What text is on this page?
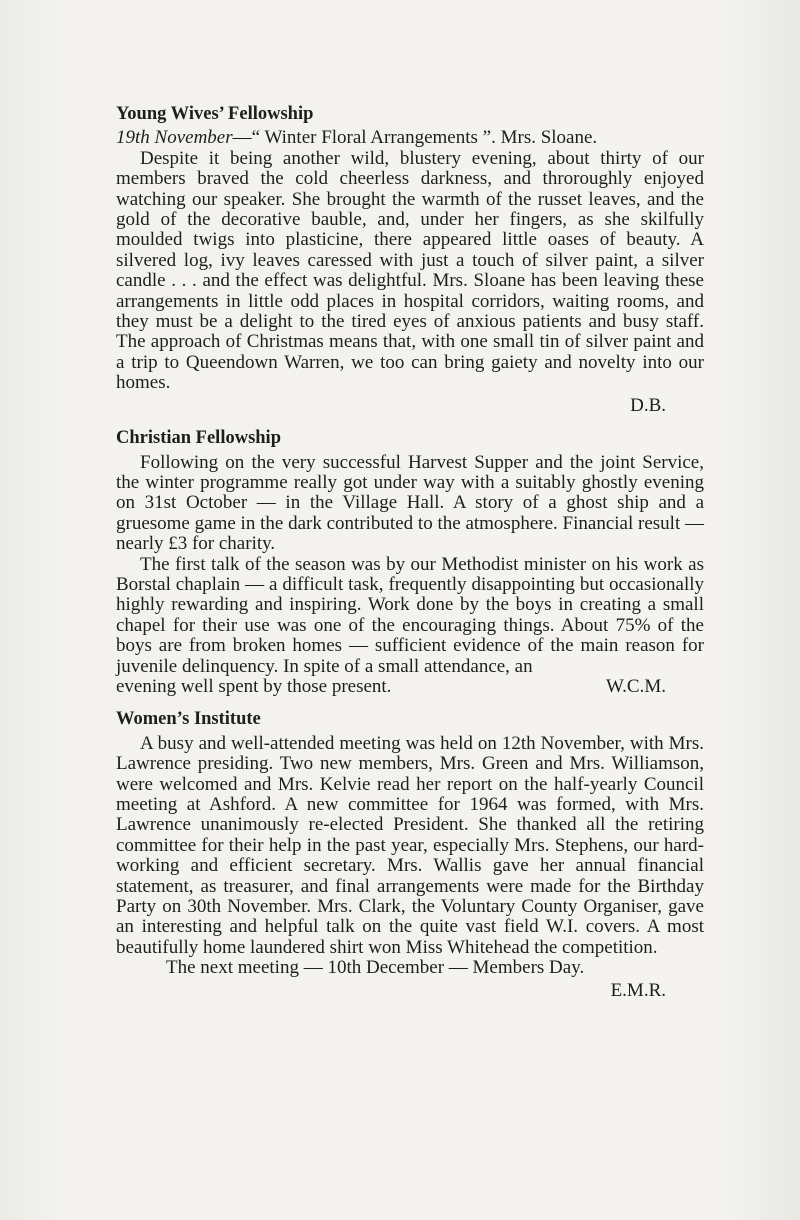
Young Wives’ Fellowship

19th November—“ Winter Floral Arrangements ”. Mrs. Sloane.

Despite it being another wild, blustery evening, about thirty of our members braved the cold cheerless darkness, and throroughly enjoyed watching our speaker. She brought the warmth of the russet leaves, and the gold of the decorative bauble, and, under her fingers, as she skilfully moulded twigs into plasticine, there appeared little oases of beauty. A silvered log, ivy leaves caressed with just a touch of silver paint, a silver candle . . . and the effect was delightful. Mrs. Sloane has been leaving these arrangements in little odd places in hospital corridors, waiting rooms, and they must be a delight to the tired eyes of anxious patients and busy staff. The approach of Christmas means that, with one small tin of silver paint and a trip to Queendown Warren, we too can bring gaiety and novelty into our homes.

D.B.

Christian Fellowship

Following on the very successful Harvest Supper and the joint Service, the winter programme really got under way with a suitably ghostly evening on 31st October — in the Village Hall. A story of a ghost ship and a gruesome game in the dark contributed to the atmosphere. Financial result — nearly £3 for charity.

The first talk of the season was by our Methodist minister on his work as Borstal chaplain — a difficult task, frequently disappointing but occasionally highly rewarding and inspiring. Work done by the boys in creating a small chapel for their use was one of the encouraging things. About 75% of the boys are from broken homes — sufficient evidence of the main reason for juvenile delinquency. In spite of a small attendance, an

evening well spent by those present.	W.C.M.
Women’s Institute

A busy and well-attended meeting was held on 12th November, with Mrs. Lawrence presiding. Two new members, Mrs. Green and Mrs. Williamson, were welcomed and Mrs. Kelvie read her report on the half-yearly Council meeting at Ashford. A new committee for 1964 was formed, with Mrs. Lawrence unanimously re-elected President. She thanked all the retiring committee for their help in the past year, especially Mrs. Stephens, our hard-working and efficient secretary. Mrs. Wallis gave her annual financial statement, as treasurer, and final arrangements were made for the Birthday Party on 30th November. Mrs. Clark, the Voluntary County Organiser, gave an interesting and helpful talk on the quite vast field W.I. covers. A most beautifully home laundered shirt won Miss Whitehead the competition.

The next meeting — 10th December — Members Day.

E.M.R.
